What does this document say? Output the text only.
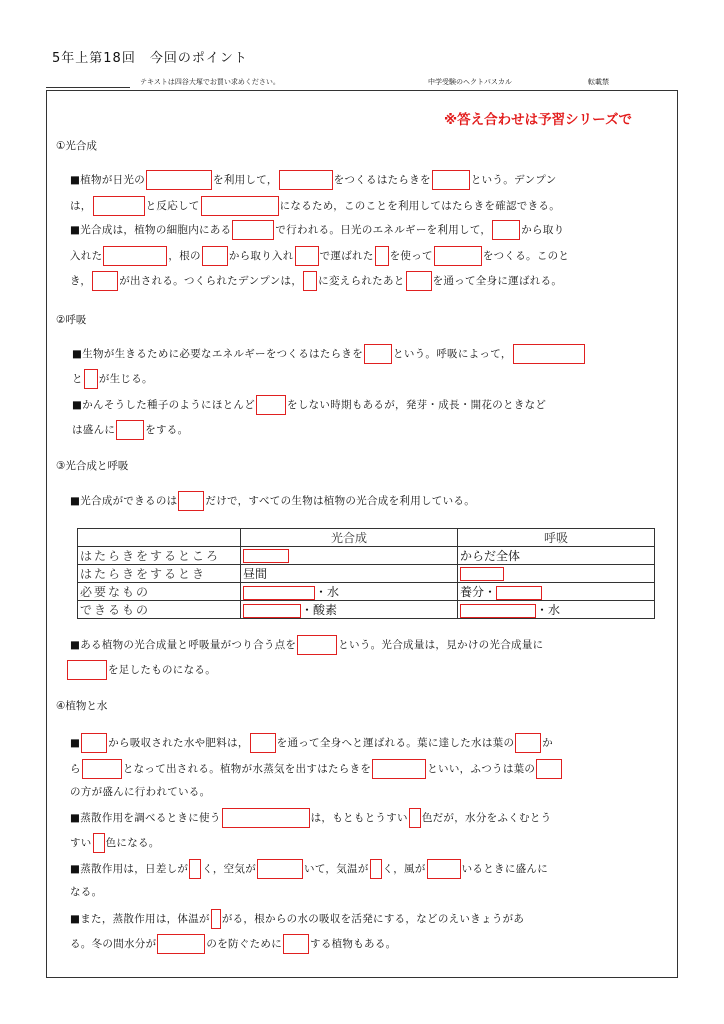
5年上第18回　今回のポイント
テキストは四谷大塚でお買い求めください。	中学受験のヘクトパスカル	転載禁
※答え合わせは予習シリーズで
①光合成
■植物が日光の	を利用して，	をつくるはたらきを	という。デンプン
は，	と反応して	になるため，このことを利用してはたらきを確認できる。
■光合成は，植物の細胞内にある	で行われる。日光のエネルギーを利用して，	から取り
入れた	，根の	から取り入れ で運ばれた を使って	をつくる。このと
き，	が出される。つくられたデンプンは， に変えられたあと	を通って全身に運ばれる。
②呼吸
■生物が生きるために必要なエネルギーをつくるはたらきを	という。呼吸によって，
と が生じる。
■かんそうした種子のようにほとんど	をしない時期もあるが，発芽・成長・開花のときなど
は盛んに	をする。
③光合成と呼吸
■光合成ができるのは	だけで，すべての生物は植物の光合成を利用している。
	光合成	呼吸
はたらきをするところ		からだ全体
はたらきをするとき	昼間	
必要なもの	・水	養分・
できるもの	・酸素	・水
■ある植物の光合成量と呼吸量がつり合う点を	という。光合成量は，見かけの光合成量に
を足したものになる。
④植物と水
■	から吸収された水や肥料は，	を通って全身へと運ばれる。葉に達した水は葉の	か
ら	となって出される。植物が水蒸気を出すはたらきを	といい，ふつうは葉の
の方が盛んに行われている。
■蒸散作用を調べるときに使う	は，もともとうすい 色だが，水分をふくむとう
すい 色になる。
■蒸散作用は，日差しが く，空気が	いて，気温が く，風が	いるときに盛んに
なる。
■また，蒸散作用は，体温が がる，根からの水の吸収を活発にする，などのえいきょうがあ
る。冬の間水分が	のを防ぐために	する植物もある。
